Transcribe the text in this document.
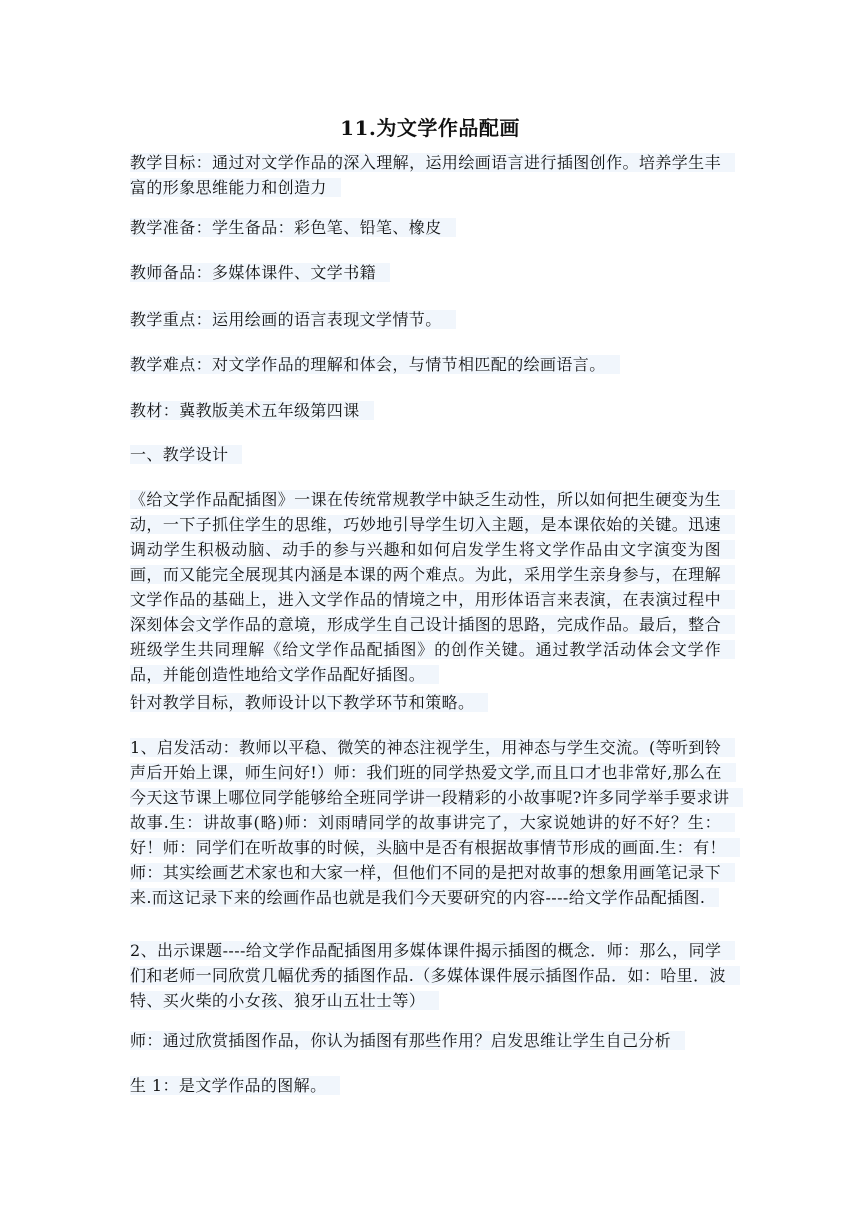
11.为文学作品配画
教学目标：通过对文学作品的深入理解，运用绘画语言进行插图创作。培养学生丰富的形象思维能力和创造力
教学准备：学生备品：彩色笔、铅笔、橡皮
教师备品：多媒体课件、文学书籍
教学重点：运用绘画的语言表现文学情节。
教学难点：对文学作品的理解和体会，与情节相匹配的绘画语言。
教材：冀教版美术五年级第四课
一、教学设计
《给文学作品配插图》一课在传统常规教学中缺乏生动性，所以如何把生硬变为生动，一下子抓住学生的思维，巧妙地引导学生切入主题，是本课依始的关键。迅速调动学生积极动脑、动手的参与兴趣和如何启发学生将文学作品由文字演变为图画，而又能完全展现其内涵是本课的两个难点。为此，采用学生亲身参与，在理解文学作品的基础上，进入文学作品的情境之中，用形体语言来表演，在表演过程中深刻体会文学作品的意境，形成学生自己设计插图的思路，完成作品。最后，整合班级学生共同理解《给文学作品配插图》的创作关键。通过教学活动体会文学作品，并能创造性地给文学作品配好插图。
针对教学目标，教师设计以下教学环节和策略。
1、启发活动：教师以平稳、微笑的神态注视学生，用神态与学生交流。(等听到铃声后开始上课，师生问好!）师：我们班的同学热爱文学,而且口才也非常好,那么在今天这节课上哪位同学能够给全班同学讲一段精彩的小故事呢?许多同学举手要求讲故事.生：讲故事(略)师：刘雨晴同学的故事讲完了，大家说她讲的好不好？生：好！师：同学们在听故事的时候，头脑中是否有根据故事情节形成的画面.生：有！师：其实绘画艺术家也和大家一样，但他们不同的是把对故事的想象用画笔记录下来.而这记录下来的绘画作品也就是我们今天要研究的内容----给文学作品配插图.
2、出示课题----给文学作品配插图用多媒体课件揭示插图的概念．师：那么，同学们和老师一同欣赏几幅优秀的插图作品.（多媒体课件展示插图作品．如：哈里．波特、买火柴的小女孩、狼牙山五壮士等）
师：通过欣赏插图作品，你认为插图有那些作用？启发思维让学生自己分析
生 1：是文学作品的图解。
